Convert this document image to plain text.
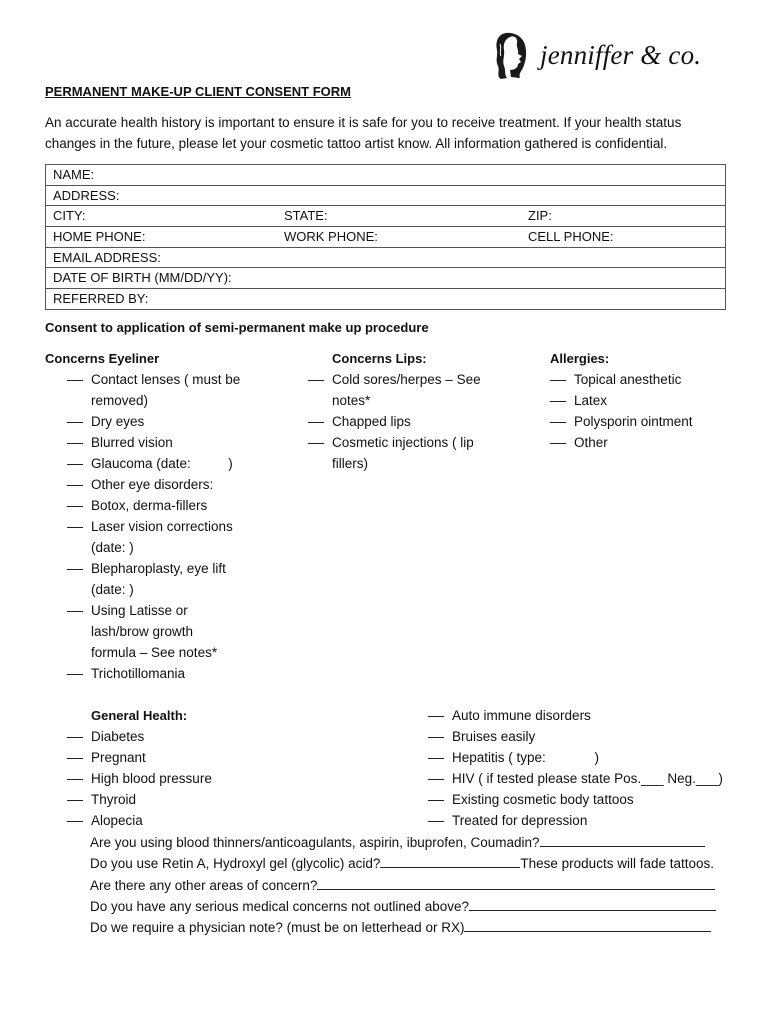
jenniffer & co.
PERMANENT MAKE-UP CLIENT CONSENT FORM
An accurate health history is important to ensure it is safe for you to receive treatment. If your health status changes in the future, please let your cosmetic tattoo artist know. All information gathered is confidential.
NAME:
ADDRESS:
CITY:	STATE:	ZIP:
HOME PHONE:	WORK PHONE:	CELL PHONE:
EMAIL ADDRESS:
DATE OF BIRTH (MM/DD/YY):
REFERRED BY:
Consent to application of semi-permanent make up procedure
Concerns Eyeliner
Contact lenses ( must be removed)
Dry eyes
Blurred vision
Glaucoma (date:          )
Other eye disorders:
Botox, derma-fillers
Laser vision corrections (date: )
Blepharoplasty, eye lift (date: )
Using Latisse or lash/brow growth formula – See notes*
Trichotillomania
Concerns Lips:
Cold sores/herpes – See notes*
Chapped lips
Cosmetic injections ( lip fillers)
Allergies:
Topical anesthetic
Latex
Polysporin ointment
Other
General Health:
Diabetes
Pregnant
High blood pressure
Thyroid
Alopecia
Auto immune disorders
Bruises easily
Hepatitis ( type:             )
HIV ( if tested please state Pos.___ Neg.___)
Existing cosmetic body tattoos
Treated for depression
Are you using blood thinners/anticoagulants, aspirin, ibuprofen, Coumadin?
Do you use Retin A, Hydroxyl gel (glycolic) acid?	These products will fade tattoos.
Are there any other areas of concern?
Do you have any serious medical concerns not outlined above?
Do we require a physician note? (must be on letterhead or RX)
